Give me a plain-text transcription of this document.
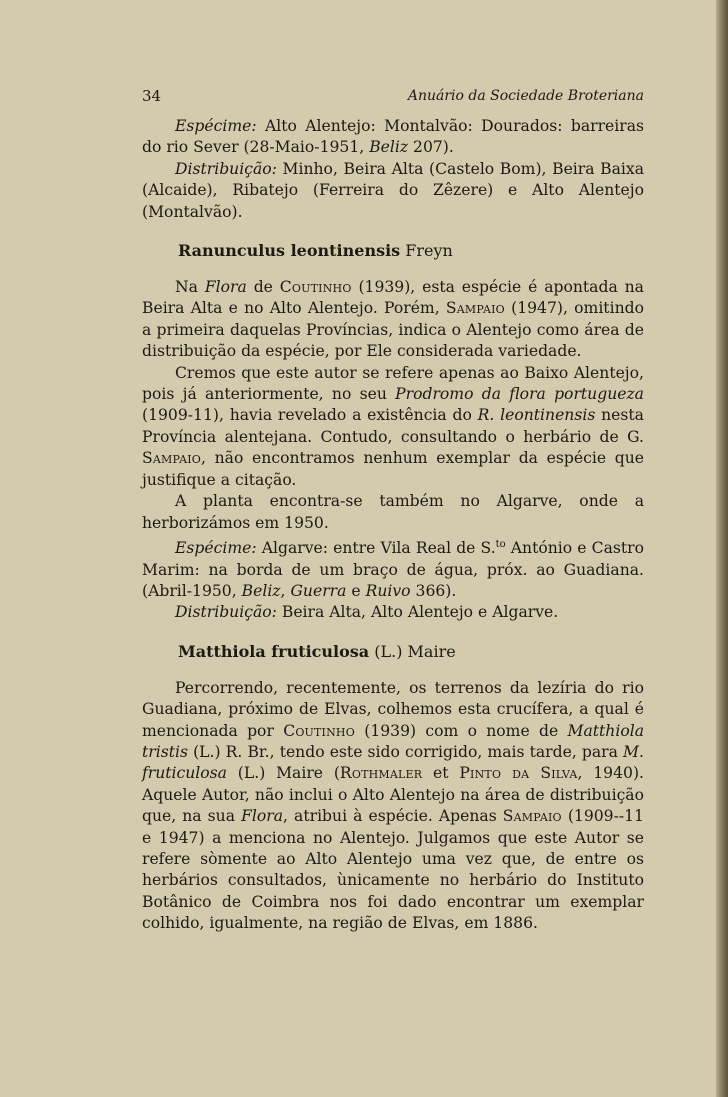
34	Anuário da Sociedade Broteriana

Espécime: Alto Alentejo: Montalvão: Dourados: barreiras do rio Sever (28-Maio-1951, Beliz 207).

Distribuição: Minho, Beira Alta (Castelo Bom), Beira Baixa (Alcaide), Ribatejo (Ferreira do Zêzere) e Alto Alentejo (Montalvão).

Ranunculus leontinensis Freyn

Na Flora de Coutinho (1939), esta espécie é apontada na Beira Alta e no Alto Alentejo. Porém, Sampaio (1947), omitindo a primeira daquelas Províncias, indica o Alentejo como área de distribuição da espécie, por Ele considerada variedade.

Cremos que este autor se refere apenas ao Baixo Alentejo, pois já anteriormente, no seu Prodromo da flora portugueza (1909-11), havia revelado a existência do R. leontinensis nesta Província alentejana. Contudo, consultando o herbário de G. Sampaio, não encontramos nenhum exemplar da espécie que justifique a citação.

A planta encontra-se também no Algarve, onde a herborizámos em 1950.

Espécime: Algarve: entre Vila Real de S.$^{to}$ António e Castro Marim: na borda de um braço de água, próx. ao Guadiana. (Abril-1950, Beliz, Guerra e Ruivo 366).

Distribuição: Beira Alta, Alto Alentejo e Algarve.

Matthiola fruticulosa (L.) Maire

Percorrendo, recentemente, os terrenos da lezíria do rio Guadiana, próximo de Elvas, colhemos esta crucífera, a qual é mencionada por Coutinho (1939) com o nome de Matthiola tristis (L.) R. Br., tendo este sido corrigido, mais tarde, para M. fruticulosa (L.) Maire (Rothmaler et Pinto da Silva, 1940). Aquele Autor, não inclui o Alto Alentejo na área de distribuição que, na sua Flora, atribui à espécie. Apenas Sampaio (1909--11 e 1947) a menciona no Alentejo. Julgamos que este Autor se refere sòmente ao Alto Alentejo uma vez que, de entre os herbários consultados, ùnicamente no herbário do Instituto Botânico de Coimbra nos foi dado encontrar um exemplar colhido, igualmente, na região de Elvas, em 1886.
